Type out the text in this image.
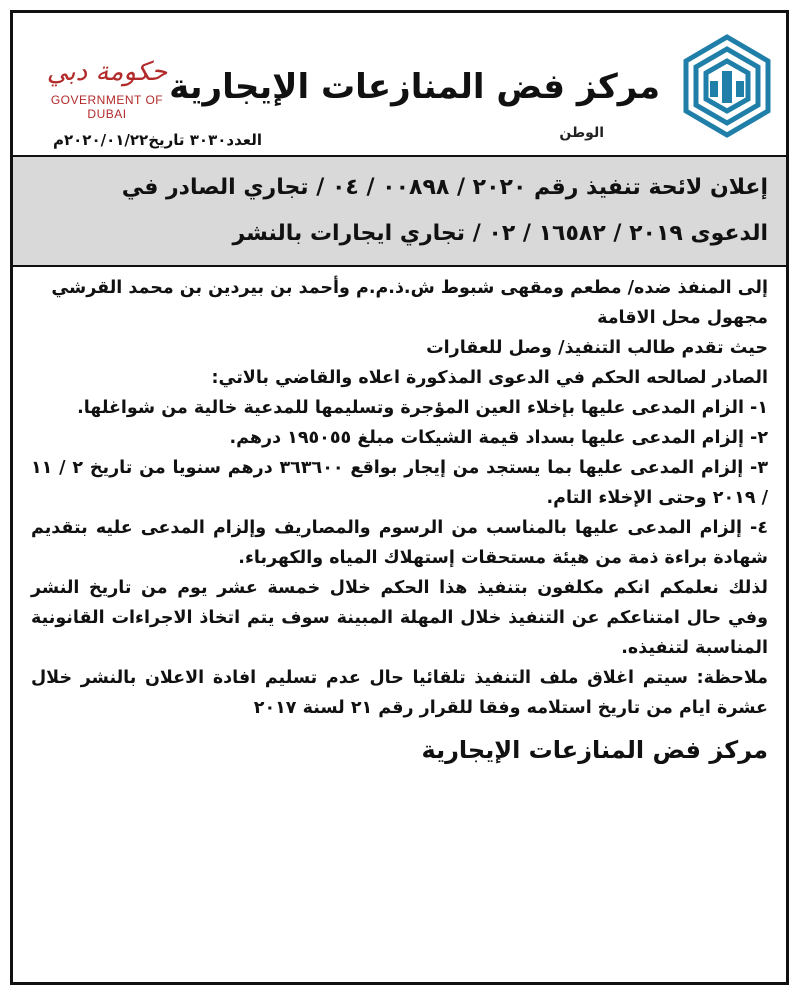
مركز فض المنازعات الإيجارية
الوطن
حكومة دبي
GOVERNMENT OF DUBAI
العدد٣٠٣٠ تاريخ٢٠٢٠/٠١/٢٢م

إعلان لائحة تنفيذ رقم ٢٠٢٠ / ٠٠٨٩٨ / ٠٤ / تجاري الصادر في

الدعوى ٢٠١٩ / ١٦٥٨٢ / ٠٢ / تجاري ايجارات بالنشر

إلى المنفذ ضده/ مطعم ومقهى شبوط ش.ذ.م.م وأحمد بن بيردين بن محمد القرشي

مجهول محل الاقامة

حيث تقدم طالب التنفيذ/ وصل للعقارات

الصادر لصالحه الحكم في الدعوى المذكورة اعلاه والقاضي بالاتي:

١- الزام المدعى عليها بإخلاء العين المؤجرة وتسليمها للمدعية خالية من شواغلها.

٢- إلزام المدعى عليها بسداد قيمة الشيكات مبلغ ١٩٥٠٥٥ درهم.

٣- إلزام المدعى عليها بما يستجد من إيجار بواقع ٣٦٣٦٠٠ درهم سنويا من تاريخ ٢ / ١١ / ٢٠١٩ وحتى الإخلاء التام.

٤- إلزام المدعى عليها بالمناسب من الرسوم والمصاريف وإلزام المدعى عليه بتقديم شهادة براءة ذمة من هيئة مستحقات إستهلاك المياه والكهرباء.

لذلك نعلمكم انكم مكلفون بتنفيذ هذا الحكم خلال خمسة عشر يوم من تاريخ النشر وفي حال امتناعكم عن التنفيذ خلال المهلة المبينة سوف يتم اتخاذ الاجراءات القانونية المناسبة لتنفيذه.

ملاحظة: سيتم اغلاق ملف التنفيذ تلقائيا حال عدم تسليم افادة الاعلان بالنشر خلال عشرة ايام من تاريخ استلامه وفقا للقرار رقم ٢١ لسنة ٢٠١٧

مركز فض المنازعات الإيجارية
